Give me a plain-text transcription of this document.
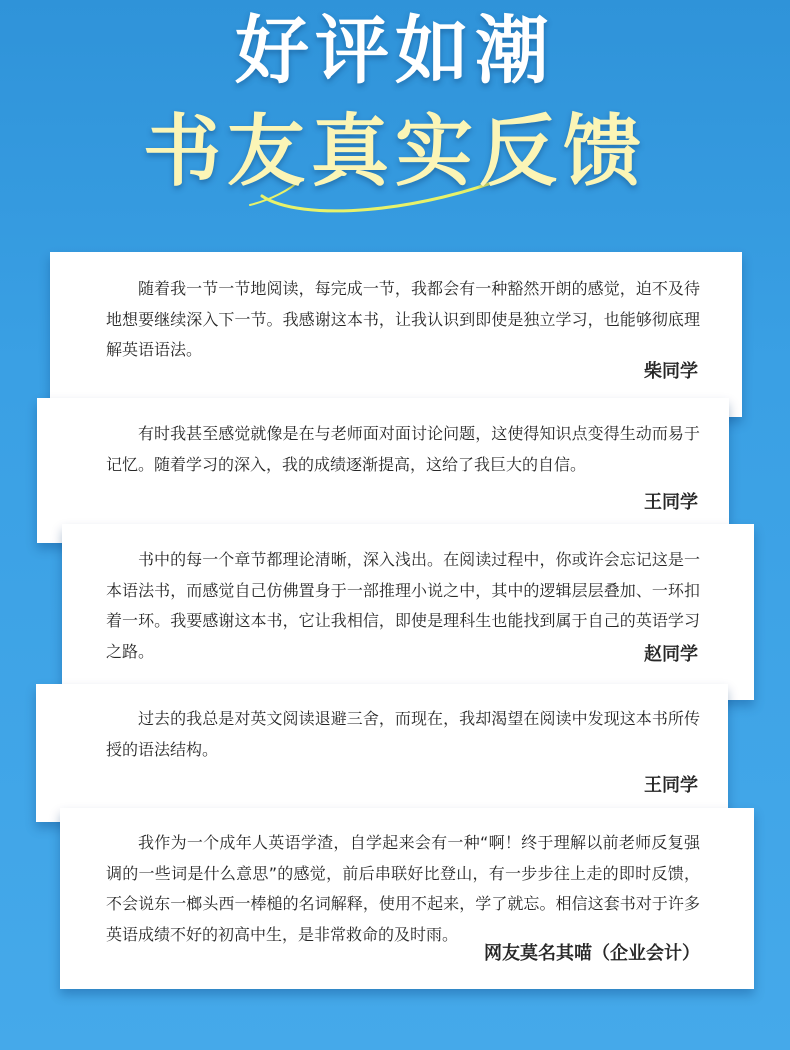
好评如潮
书友真实反馈
随着我一节一节地阅读，每完成一节，我都会有一种豁然开朗的感觉，迫不及待地想要继续深入下一节。我感谢这本书，让我认识到即使是独立学习，也能够彻底理解英语语法。
柴同学
有时我甚至感觉就像是在与老师面对面讨论问题，这使得知识点变得生动而易于记忆。随着学习的深入，我的成绩逐渐提高，这给了我巨大的自信。
王同学
书中的每一个章节都理论清晰，深入浅出。在阅读过程中，你或许会忘记这是一本语法书，而感觉自己仿佛置身于一部推理小说之中，其中的逻辑层层叠加、一环扣着一环。我要感谢这本书，它让我相信，即使是理科生也能找到属于自己的英语学习之路。	赵同学
过去的我总是对英文阅读退避三舍，而现在，我却渴望在阅读中发现这本书所传授的语法结构。
王同学
我作为一个成年人英语学渣，自学起来会有一种“啊！终于理解以前老师反复强调的一些词是什么意思”的感觉，前后串联好比登山，有一步步往上走的即时反馈，不会说东一榔头西一棒槌的名词解释，使用不起来，学了就忘。相信这套书对于许多英语成绩不好的初高中生，是非常救命的及时雨。
网友莫名其喵（企业会计）
